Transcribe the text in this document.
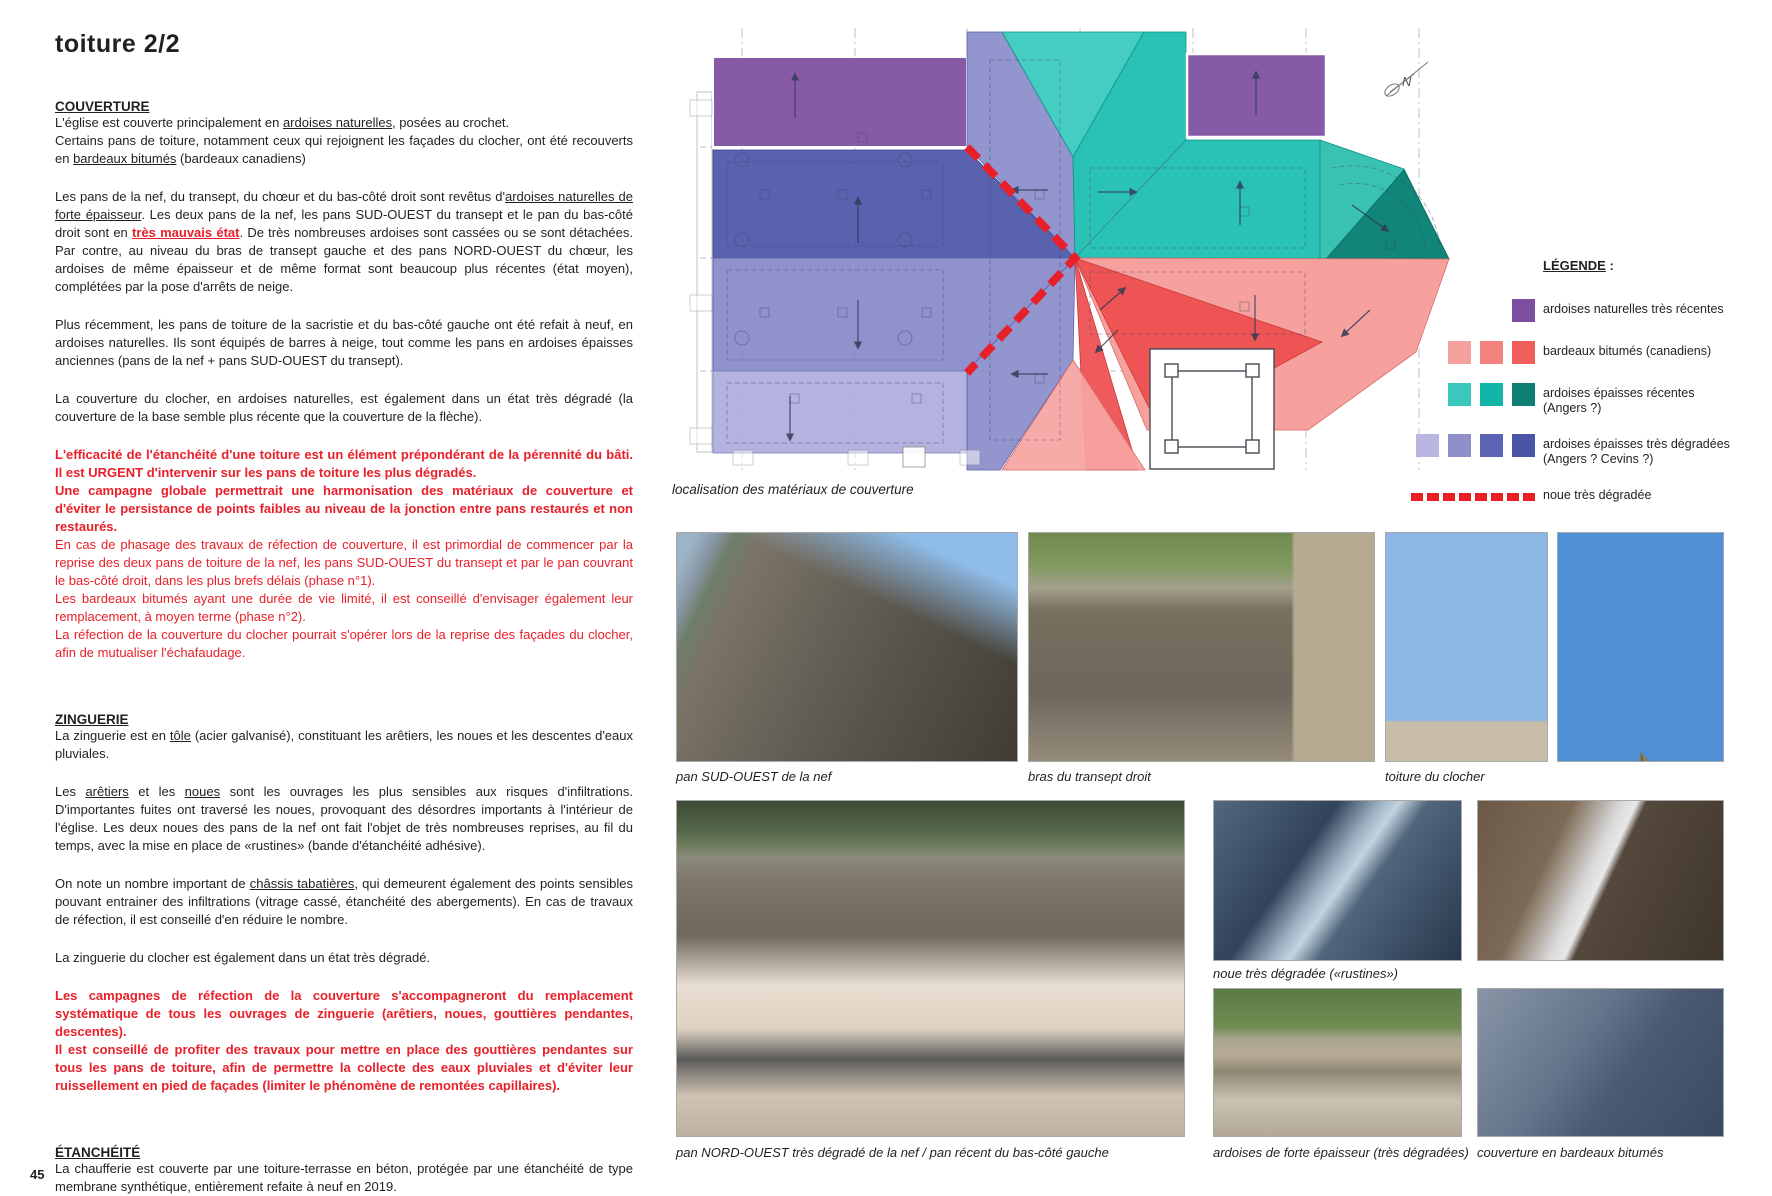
toiture 2/2

COUVERTURE

L'église est couverte principalement en ardoises naturelles, posées au crochet.
Certains pans de toiture, notamment ceux qui rejoignent les façades du clocher, ont été recouverts en bardeaux bitumés (bardeaux canadiens)

Les pans de la nef, du transept, du chœur et du bas-côté droit sont revêtus d'ardoises naturelles de forte épaisseur. Les deux pans de la nef, les pans SUD-OUEST du transept et le pan du bas-côté droit sont en très mauvais état. De très nombreuses ardoises sont cassées ou se sont détachées. Par contre, au niveau du bras de transept gauche et des pans NORD-OUEST du chœur, les ardoises de même épaisseur et de même format sont beaucoup plus récentes (état moyen), complétées par la pose d'arrêts de neige.

Plus récemment, les pans de toiture de la sacristie et du bas-côté gauche ont été refait à neuf, en ardoises naturelles. Ils sont équipés de barres à neige, tout comme les pans en ardoises épaisses anciennes (pans de la nef + pans SUD-OUEST du transept).

La couverture du clocher, en ardoises naturelles, est également dans un état très dégradé (la couverture de la base semble plus récente que la couverture de la flèche).

L'efficacité de l'étanchéité d'une toiture est un élément prépondérant de la pérennité du bâti. Il est URGENT d'intervenir sur les pans de toiture les plus dégradés.
Une campagne globale permettrait une harmonisation des matériaux de couverture et d'éviter le persistance de points faibles au niveau de la jonction entre pans restaurés et non restaurés.

En cas de phasage des travaux de réfection de couverture, il est primordial de commencer par la reprise des deux pans de toiture de la nef, les pans SUD-OUEST du transept et par le pan couvrant le bas-côté droit, dans les plus brefs délais (phase n°1).
Les bardeaux bitumés ayant une durée de vie limité, il est conseillé d'envisager également leur remplacement, à moyen terme (phase n°2).
La réfection de la couverture du clocher pourrait s'opérer lors de la reprise des façades du clocher, afin de mutualiser l'échafaudage.

ZINGUERIE

La zinguerie est en tôle (acier galvanisé), constituant les arêtiers, les noues et les descentes d'eaux pluviales.

Les arêtiers et les noues sont les ouvrages les plus sensibles aux risques d'infiltrations. D'importantes fuites ont traversé les noues, provoquant des désordres importants à l'intérieur de l'église. Les deux noues des pans de la nef ont fait l'objet de très nombreuses reprises, au fil du temps, avec la mise en place de «rustines» (bande d'étanchéité adhésive).

On note un nombre important de châssis tabatières, qui demeurent également des points sensibles pouvant entrainer des infiltrations (vitrage cassé, étanchéité des abergements). En cas de travaux de réfection, il est conseillé d'en réduire le nombre.

La zinguerie du clocher est également dans un état très dégradé.

Les campagnes de réfection de la couverture s'accompagneront du remplacement systématique de tous les ouvrages de zinguerie (arêtiers, noues, gouttières pendantes, descentes).
Il est conseillé de profiter des travaux pour mettre en place des gouttières pendantes sur tous les pans de toiture, afin de permettre la collecte des eaux pluviales et d'éviter leur ruissellement en pied de façades (limiter le phénomène de remontées capillaires).

ÉTANCHÉITÉ

La chaufferie est couverte par une toiture-terrasse en béton, protégée par une étanchéité de type membrane synthétique, entièrement refaite à neuf en 2019.

N
localisation des matériaux de couverture
LÉGENDE :
ardoises naturelles très récentes
bardeaux bitumés (canadiens)
ardoises épaisses récentes
(Angers ?)
ardoises épaisses très dégradées
(Angers ? Cevins ?)
noue très dégradée
pan SUD-OUEST de la nef	bras du transept droit	toiture du clocher
noue très dégradée («rustines»)
pan NORD-OUEST très dégradé de la nef / pan récent du bas-côté gauche	ardoises de forte épaisseur (très dégradées) couverture en bardeaux bitumés
45
